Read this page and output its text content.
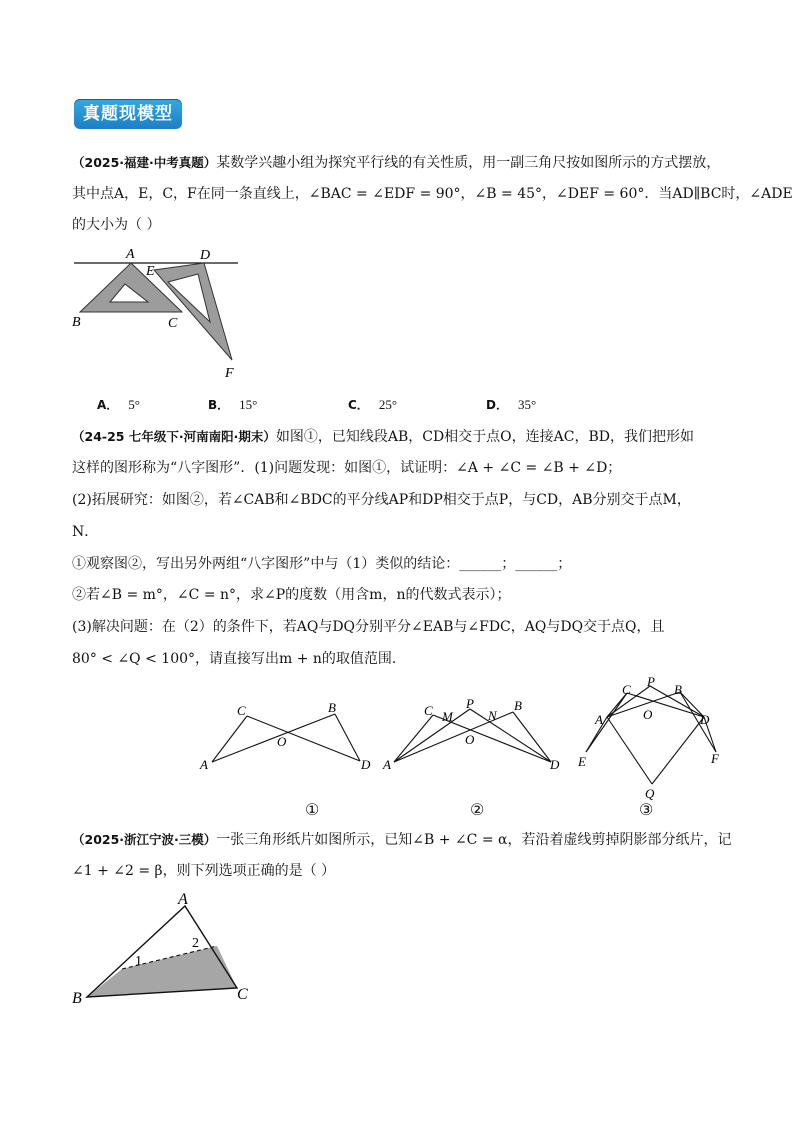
真题现模型
（2025·福建·中考真题）某数学兴趣小组为探究平行线的有关性质，用一副三角尺按如图所示的方式摆放，
其中点A，E，C，F在同一条直线上，∠BAC = ∠EDF = 90°，∠B = 45°，∠DEF = 60°．当AD∥BC时，∠ADE
的大小为（ ）
A
E
D
B	C
F
A． 5°	B． 15°	C． 25°	D． 35°
（24-25 七年级下·河南南阳·期末）如图①，已知线段AB，CD相交于点O，连接AC，BD，我们把形如
这样的图形称为“八字图形”．(1)问题发现：如图①，试证明：∠A + ∠C = ∠B + ∠D；
(2)拓展研究：如图②，若∠CAB和∠BDC的平分线AP和DP相交于点P，与CD，AB分别交于点M，
N．
①观察图②，写出另外两组“八字图形”中与（1）类似的结论：______；______；
②若∠B = m°，∠C = n°，求∠P的度数（用含m，n的代数式表示）；
(3)解决问题：在（2）的条件下，若AQ与DQ分别平分∠EAB与∠FDC，AQ与DQ交于点Q，且
80° < ∠Q < 100°，请直接写出m + n的取值范围．
C	B
O
A	D
①
C M
P
N
B
O
A	D
②
C
P
B
A	O	D
E	F
Q
③
（2025·浙江宁波·三模）一张三角形纸片如图所示，已知∠B + ∠C = α，若沿着虚线剪掉阴影部分纸片，记
∠1 + ∠2 = β，则下列选项正确的是（ ）
A
B	C
1
2
